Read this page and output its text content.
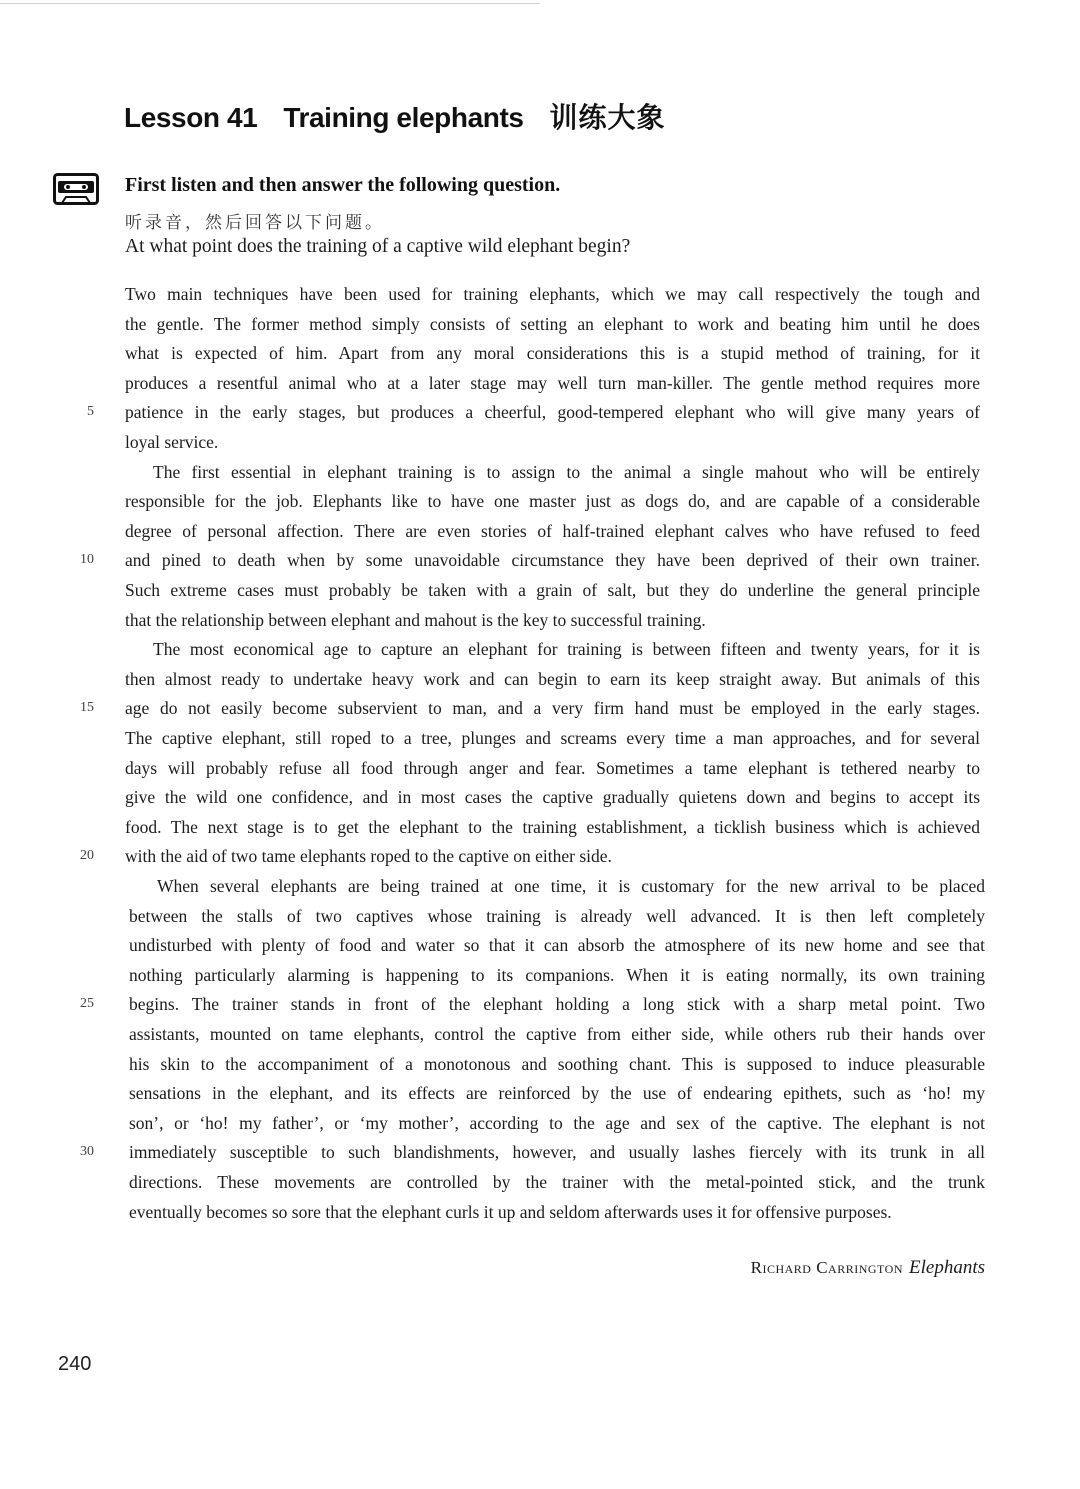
Lesson 41 Training elephants 训练大象

First listen and then answer the following question.

听录音，然后回答以下问题。

At what point does the training of a captive wild elephant begin?

Two main techniques have been used for training elephants, which we may call respectively the tough and
the gentle. The former method simply consists of setting an elephant to work and beating him until he does
what is expected of him. Apart from any moral considerations this is a stupid method of training, for it
produces a resentful animal who at a later stage may well turn man-killer. The gentle method requires more
patience in the early stages, but produces a cheerful, good-tempered elephant who will give many years of
5
loyal service.
The first essential in elephant training is to assign to the animal a single mahout who will be entirely
responsible for the job. Elephants like to have one master just as dogs do, and are capable of a considerable
degree of personal affection. There are even stories of half-trained elephant calves who have refused to feed
and pined to death when by some unavoidable circumstance they have been deprived of their own trainer.
10
Such extreme cases must probably be taken with a grain of salt, but they do underline the general principle
that the relationship between elephant and mahout is the key to successful training.
The most economical age to capture an elephant for training is between fifteen and twenty years, for it is
then almost ready to undertake heavy work and can begin to earn its keep straight away. But animals of this
age do not easily become subservient to man, and a very firm hand must be employed in the early stages.
15
The captive elephant, still roped to a tree, plunges and screams every time a man approaches, and for several
days will probably refuse all food through anger and fear. Sometimes a tame elephant is tethered nearby to
give the wild one confidence, and in most cases the captive gradually quietens down and begins to accept its
food. The next stage is to get the elephant to the training establishment, a ticklish business which is achieved
with the aid of two tame elephants roped to the captive on either side.
20
When several elephants are being trained at one time, it is customary for the new arrival to be placed
between the stalls of two captives whose training is already well advanced. It is then left completely
undisturbed with plenty of food and water so that it can absorb the atmosphere of its new home and see that
nothing particularly alarming is happening to its companions. When it is eating normally, its own training
begins. The trainer stands in front of the elephant holding a long stick with a sharp metal point. Two
25
assistants, mounted on tame elephants, control the captive from either side, while others rub their hands over
his skin to the accompaniment of a monotonous and soothing chant. This is supposed to induce pleasurable
sensations in the elephant, and its effects are reinforced by the use of endearing epithets, such as ‘ho! my
son’, or ‘ho! my father’, or ‘my mother’, according to the age and sex of the captive. The elephant is not
immediately susceptible to such blandishments, however, and usually lashes fiercely with its trunk in all
30
directions. These movements are controlled by the trainer with the metal-pointed stick, and the trunk
eventually becomes so sore that the elephant curls it up and seldom afterwards uses it for offensive purposes.

Richard Carrington Elephants

240
